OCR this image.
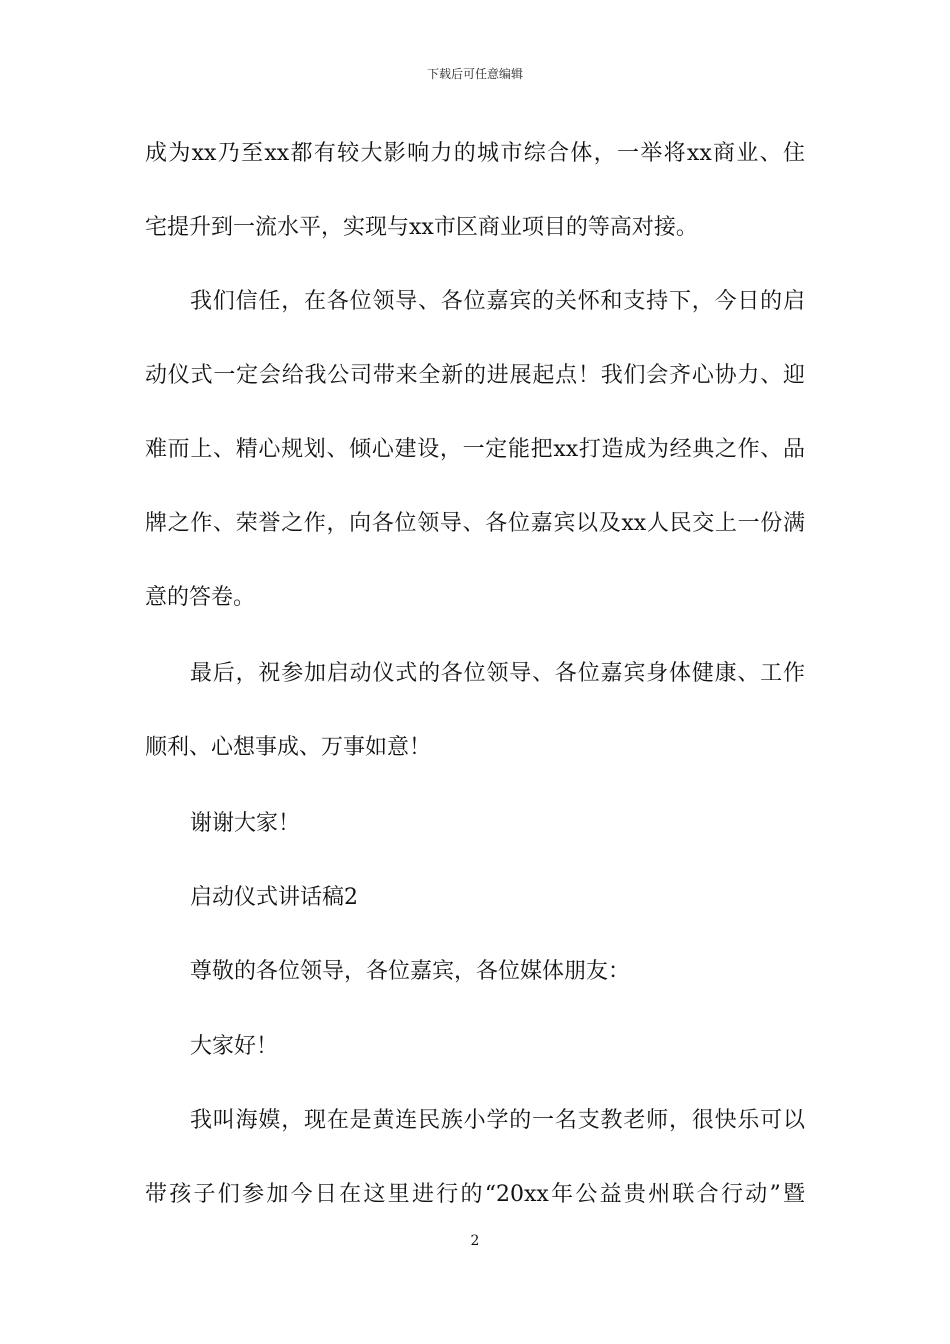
下载后可任意编辑
成为xx乃至xx都有较大影响力的城市综合体，一举将xx商业、住
宅提升到一流水平，实现与xx市区商业项目的等高对接。
我们信任，在各位领导、各位嘉宾的关怀和支持下，今日的启
动仪式一定会给我公司带来全新的进展起点！我们会齐心协力、迎
难而上、精心规划、倾心建设，一定能把xx打造成为经典之作、品
牌之作、荣誉之作，向各位领导、各位嘉宾以及xx人民交上一份满
意的答卷。
最后，祝参加启动仪式的各位领导、各位嘉宾身体健康、工作
顺利、心想事成、万事如意！
谢谢大家！
启动仪式讲话稿2
尊敬的各位领导，各位嘉宾，各位媒体朋友：
大家好！
我叫海嫫，现在是黄连民族小学的一名支教老师，很快乐可以
带孩子们参加今日在这里进行的“20xx年公益贵州联合行动”暨
2
